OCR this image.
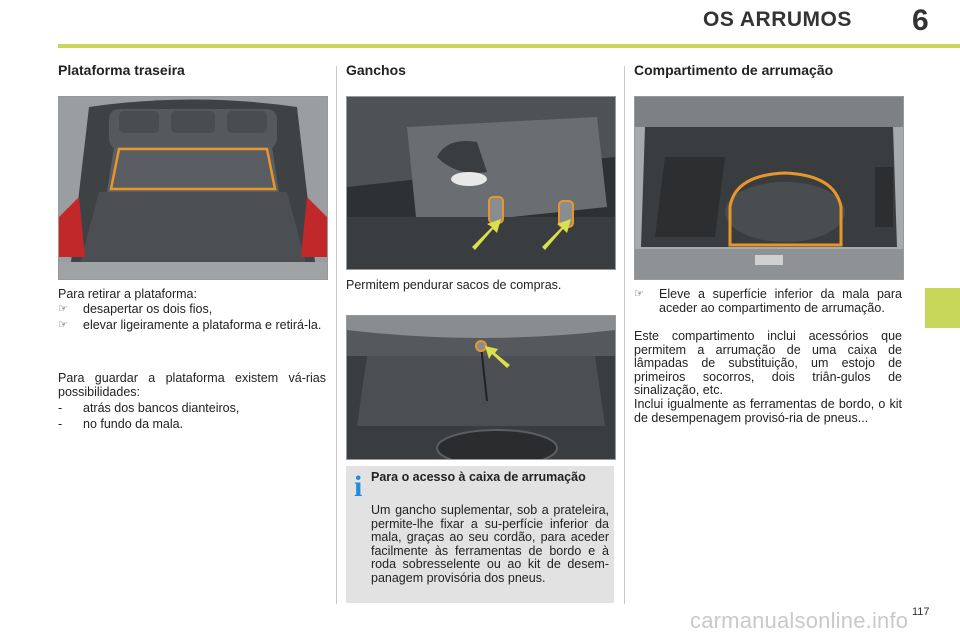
OS ARRUMOS 6
Plataforma traseira
Para retirar a plataforma:
☞ desapertar os dois fios,
☞ elevar ligeiramente a plataforma e retirá-la.
Para guardar a plataforma existem vá-rias possibilidades:
- atrás dos bancos dianteiros,
- no fundo da mala.
Ganchos
Permitem pendurar sacos de compras.
i Para o acesso à caixa de arrumação
Um gancho suplementar, sob a prateleira, permite-lhe fixar a su-perfície inferior da mala, graças ao seu cordão, para aceder facilmente às ferramentas de bordo e à roda sobresselente ou ao kit de desem-panagem provisória dos pneus.
Compartimento de arrumação
☞ Eleve a superfície inferior da mala para aceder ao compartimento de arrumação.
Este compartimento inclui acessórios que permitem a arrumação de uma caixa de lâmpadas de substituição, um estojo de primeiros socorros, dois triân-gulos de sinalização, etc.
Inclui igualmente as ferramentas de bordo, o kit de desempenagem provisó-ria de pneus...
carmanualsonline.info 117
